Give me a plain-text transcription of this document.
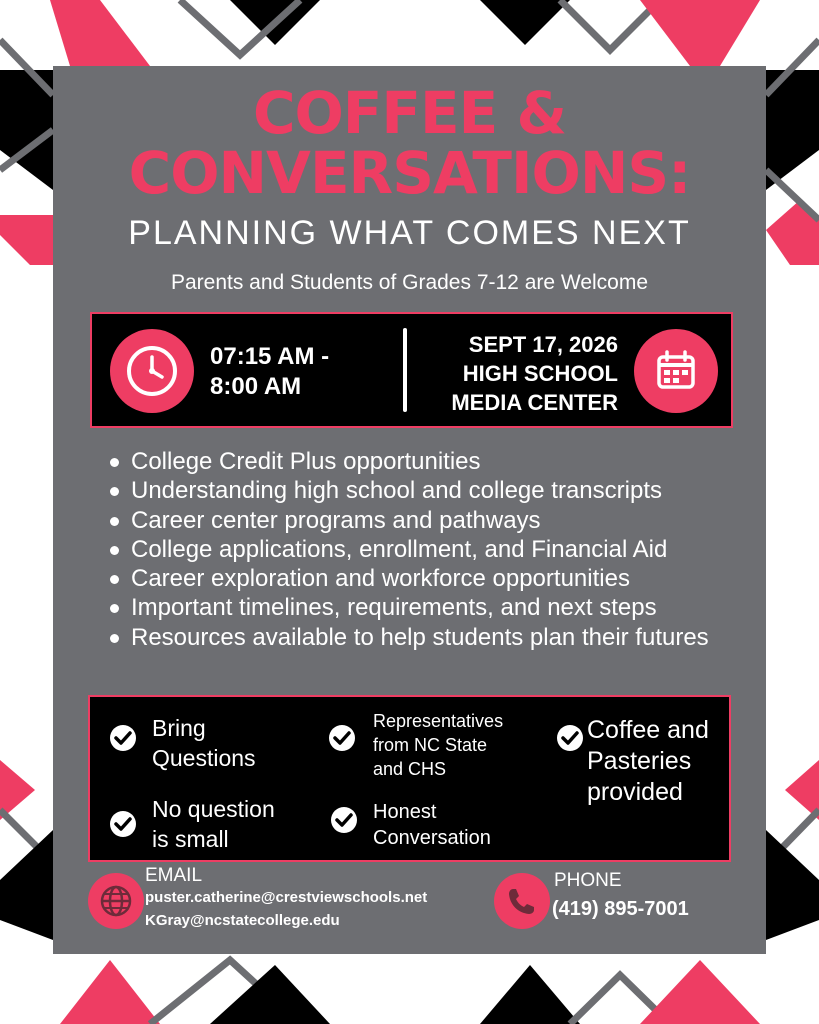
COFFEE &
CONVERSATIONS:
PLANNING WHAT COMES NEXT
Parents and Students of Grades 7-12 are Welcome
07:15 AM -
8:00 AM
SEPT 17, 2026
HIGH SCHOOL
MEDIA CENTER
College Credit Plus opportunities
Understanding high school and college transcripts
Career center programs and pathways
College applications, enrollment, and Financial Aid
Career exploration and workforce opportunities
Important timelines, requirements, and next steps
Resources available to help students plan their futures
Bring
Questions
No question
is small
Representatives
from NC State
and CHS
Honest
Conversation
Coffee and
Pasteries
provided
EMAIL
puster.catherine@crestviewschools.net
KGray@ncstatecollege.edu
PHONE
(419) 895-7001
